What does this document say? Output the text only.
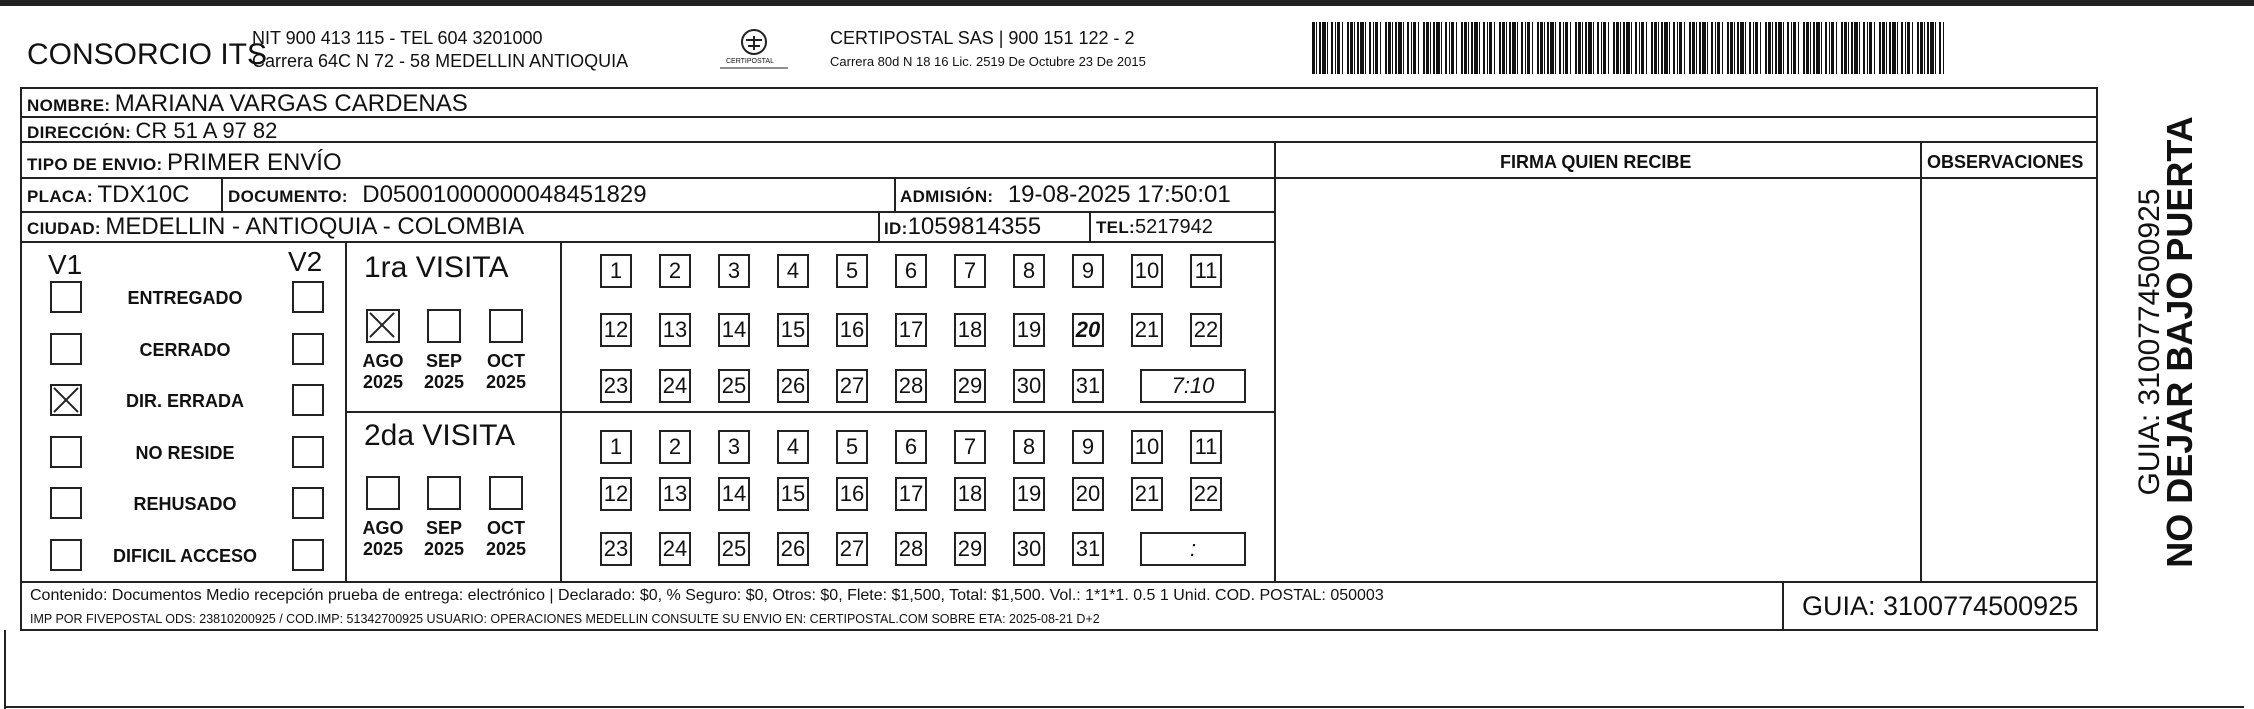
CONSORCIO ITS
NIT 900 413 115 - TEL 604 3201000
Carrera 64C N 72 - 58 MEDELLIN ANTIOQUIA	CERTIPOSTAL
CERTIPOSTAL SAS | 900 151 122 - 2
Carrera 80d N 18 16 Lic. 2519 De Octubre 23 De 2015
NOMBRE: MARIANA VARGAS CARDENAS
DIRECCIÓN: CR 51 A 97 82
TIPO DE ENVIO: PRIMER ENVÍO	FIRMA QUIEN RECIBE	OBSERVACIONES
PLACA: TDX10C DOCUMENTO: D05001000000048451829	ADMISIÓN: 19-08-2025 17:50:01
CIUDAD: MEDELLIN - ANTIOQUIA - COLOMBIA	ID:1059814355	TEL:5217942
V1	V2
ENTREGADO
CERRADO
DIR. ERRADA
NO RESIDE
REHUSADO
DIFICIL ACCESO
1ra VISITA
2da VISITA
AGO
2025
SEP
2025
OCT
2025
AGO
2025
SEP
2025
OCT
2025
1	2	3	4	5	6	7	8	9	10 11
12 13 14 15 16 17 18 19 20 21 22
23 24 25 26 27 28 29 30 31	7:10
1	2	3	4	5	6	7	8	9	10 11
12 13 14 15 16 17 18 19 20 21 22
23 24 25 26 27 28 29 30 31	:
Contenido: Documentos Medio recepción prueba de entrega: electrónico | Declarado: $0, % Seguro: $0, Otros: $0, Flete: $1,500, Total: $1,500. Vol.: 1*1*1. 0.5 1 Unid. COD. POSTAL: 050003
IMP POR FIVEPOSTAL ODS: 23810200925 / COD.IMP: 51342700925 USUARIO: OPERACIONES MEDELLIN CONSULTE SU ENVIO EN: CERTIPOSTAL.COM SOBRE ETA: 2025-08-21 D+2	GUIA: 3100774500925
NO DEJAR BAJO PUERTA
GUIA: 3100774500925
